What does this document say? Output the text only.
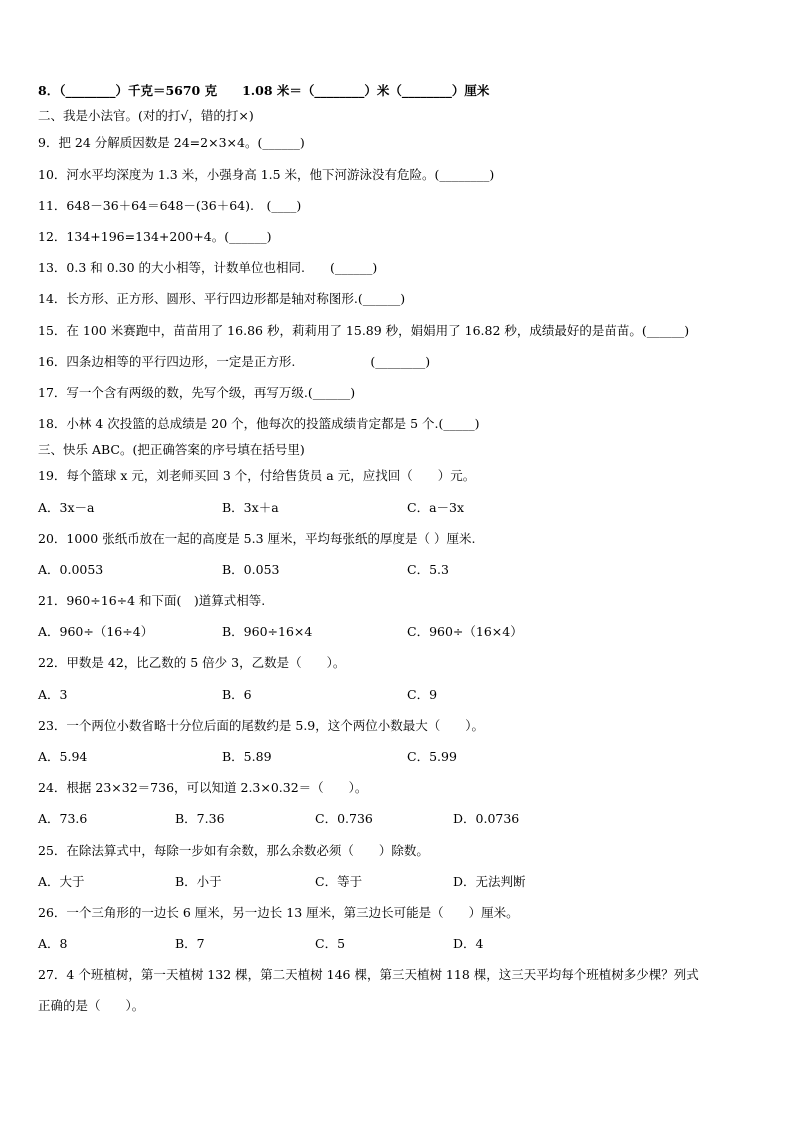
8．（________）千克＝5670 克　　1.08 米＝（________）米（________）厘米
二、我是小法官。(对的打√，错的打×)
9．把 24 分解质因数是 24=2×3×4。(______)
10．河水平均深度为 1.3 米，小强身高 1.5 米，他下河游泳没有危险。(________)
11．648－36＋64＝648－(36＋64).　(____)
12．134+196=134+200+4。(______)
13．0.3 和 0.30 的大小相等，计数单位也相同.　　(______)
14．长方形、正方形、圆形、平行四边形都是轴对称图形.(______)
15．在 100 米赛跑中，苗苗用了 16.86 秒，莉莉用了 15.89 秒，娟娟用了 16.82 秒，成绩最好的是苗苗。(______)
16．四条边相等的平行四边形，一定是正方形.　　　　　　(________)
17．写一个含有两级的数，先写个级，再写万级.(______)
18．小林 4 次投篮的总成绩是 20 个，他每次的投篮成绩肯定都是 5 个.(_____)
三、快乐 ABC。(把正确答案的序号填在括号里)
19．每个篮球 x 元，刘老师买回 3 个，付给售货员 a 元，应找回（　　）元。
A．3x－a	B．3x＋a	C．a－3x
20．1000 张纸币放在一起的高度是 5.3 厘米，平均每张纸的厚度是（ ）厘米.
A．0.0053	B．0.053	C．5.3
21．960÷16÷4 和下面(　)道算式相等.
A．960÷（16÷4）	B．960÷16×4	C．960÷（16×4）
22．甲数是 42，比乙数的 5 倍少 3，乙数是（　　）。
A．3	B．6	C．9
23．一个两位小数省略十分位后面的尾数约是 5.9，这个两位小数最大（　　）。
A．5.94	B．5.89	C．5.99
24．根据 23×32＝736，可以知道 2.3×0.32＝（　　）。
A．73.6	B．7.36	C．0.736	D．0.0736
25．在除法算式中，每除一步如有余数，那么余数必须（　　）除数。
A．大于	B．小于	C．等于	D．无法判断
26．一个三角形的一边长 6 厘米，另一边长 13 厘米，第三边长可能是（　　）厘米。
A．8	B．7	C．5	D．4
27．4 个班植树，第一天植树 132 棵，第二天植树 146 棵，第三天植树 118 棵，这三天平均每个班植树多少棵？列式
正确的是（　　）。
